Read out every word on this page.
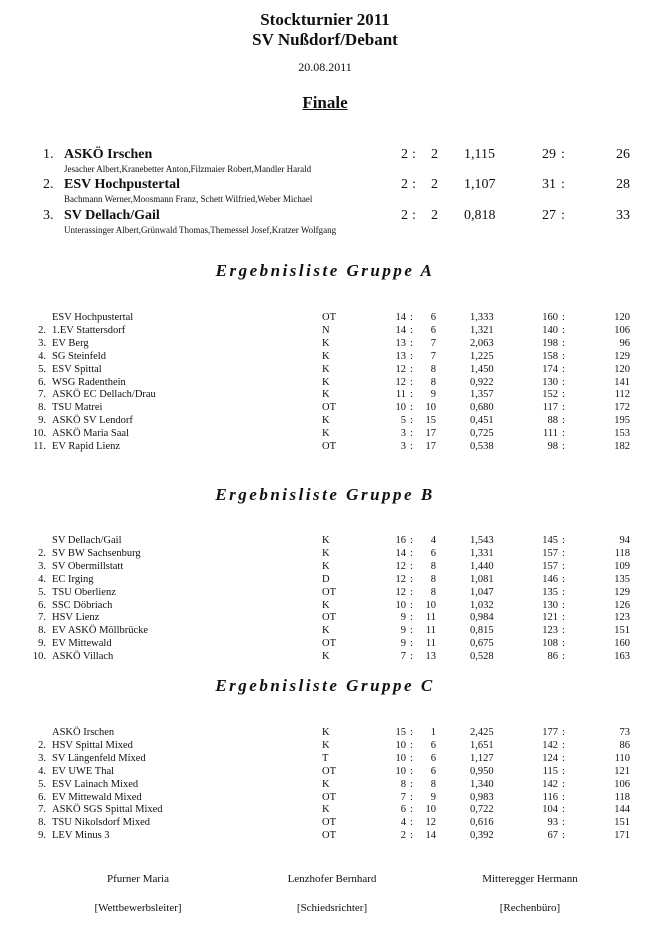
Stockturnier 2011
SV Nußdorf/Debant
20.08.2011
Finale
1. ASKÖ Irschen
Jesacher Albert,Kranebetter Anton,Filzmaier Robert,Mandler Harald
2 :	2 1,115	29 :	26
2. ESV Hochpustertal
Bachmann Werner,Moosmann Franz, Schett Wilfried,Weber Michael
2 :	2 1,107	31 :	28
3. SV Dellach/Gail
Unterassinger Albert,Grünwald Thomas,Themessel Josef,Kratzer Wolfgang
2 :	2 0,818	27 :	33
Ergebnisliste Gruppe A
ESV Hochpustertal	OT	14 :	6	1,333	160 :	120
2. 1.EV Stattersdorf	N	14 :	6	1,321	140 :	106
3. EV Berg	K	13 :	7	2,063	198 :	96
4. SG Steinfeld	K	13 :	7	1,225	158 :	129
5. ESV Spittal	K	12 :	8	1,450	174 :	120
6. WSG Radenthein	K	12 :	8	0,922	130 :	141
7. ASKÖ EC Dellach/Drau	K	11 :	9	1,357	152 :	112
8. TSU Matrei	OT	10 :	10	0,680	117 :	172
9. ASKÖ SV Lendorf	K	5 :	15	0,451	88 :	195
10. ASKÖ Maria Saal	K	3 :	17	0,725	111 :	153
11. EV Rapid Lienz	OT	3 :	17	0,538	98 :	182
Ergebnisliste Gruppe B
SV Dellach/Gail	K	16 :	4	1,543	145 :	94
2. SV BW Sachsenburg	K	14 :	6	1,331	157 :	118
3. SV Obermillstatt	K	12 :	8	1,440	157 :	109
4. EC Irging	D	12 :	8	1,081	146 :	135
5. TSU Oberlienz	OT	12 :	8	1,047	135 :	129
6. SSC Döbriach	K	10 :	10	1,032	130 :	126
7. HSV Lienz	OT	9 :	11	0,984	121 :	123
8. EV ASKÖ Möllbrücke	K	9 :	11	0,815	123 :	151
9. EV Mittewald	OT	9 :	11	0,675	108 :	160
10. ASKÖ Villach	K	7 :	13	0,528	86 :	163
Ergebnisliste Gruppe C
ASKÖ Irschen	K	15 :	1	2,425	177 :	73
2. HSV Spittal Mixed	K	10 :	6	1,651	142 :	86
3. SV Längenfeld Mixed	T	10 :	6	1,127	124 :	110
4. EV UWE Thal	OT	10 :	6	0,950	115 :	121
5. ESV Lainach Mixed	K	8 :	8	1,340	142 :	106
6. EV Mittewald Mixed	OT	7 :	9	0,983	116 :	118
7. ASKÖ SGS Spittal Mixed	K	6 :	10	0,722	104 :	144
8. TSU Nikolsdorf Mixed	OT	4 :	12	0,616	93 :	151
9. LEV Minus 3	OT	2 :	14	0,392	67 :	171
Pfurner Maria
[Wettbewerbsleiter]
Lenzhofer Bernhard
[Schiedsrichter]
Mitteregger Hermann
[Rechenbüro]
